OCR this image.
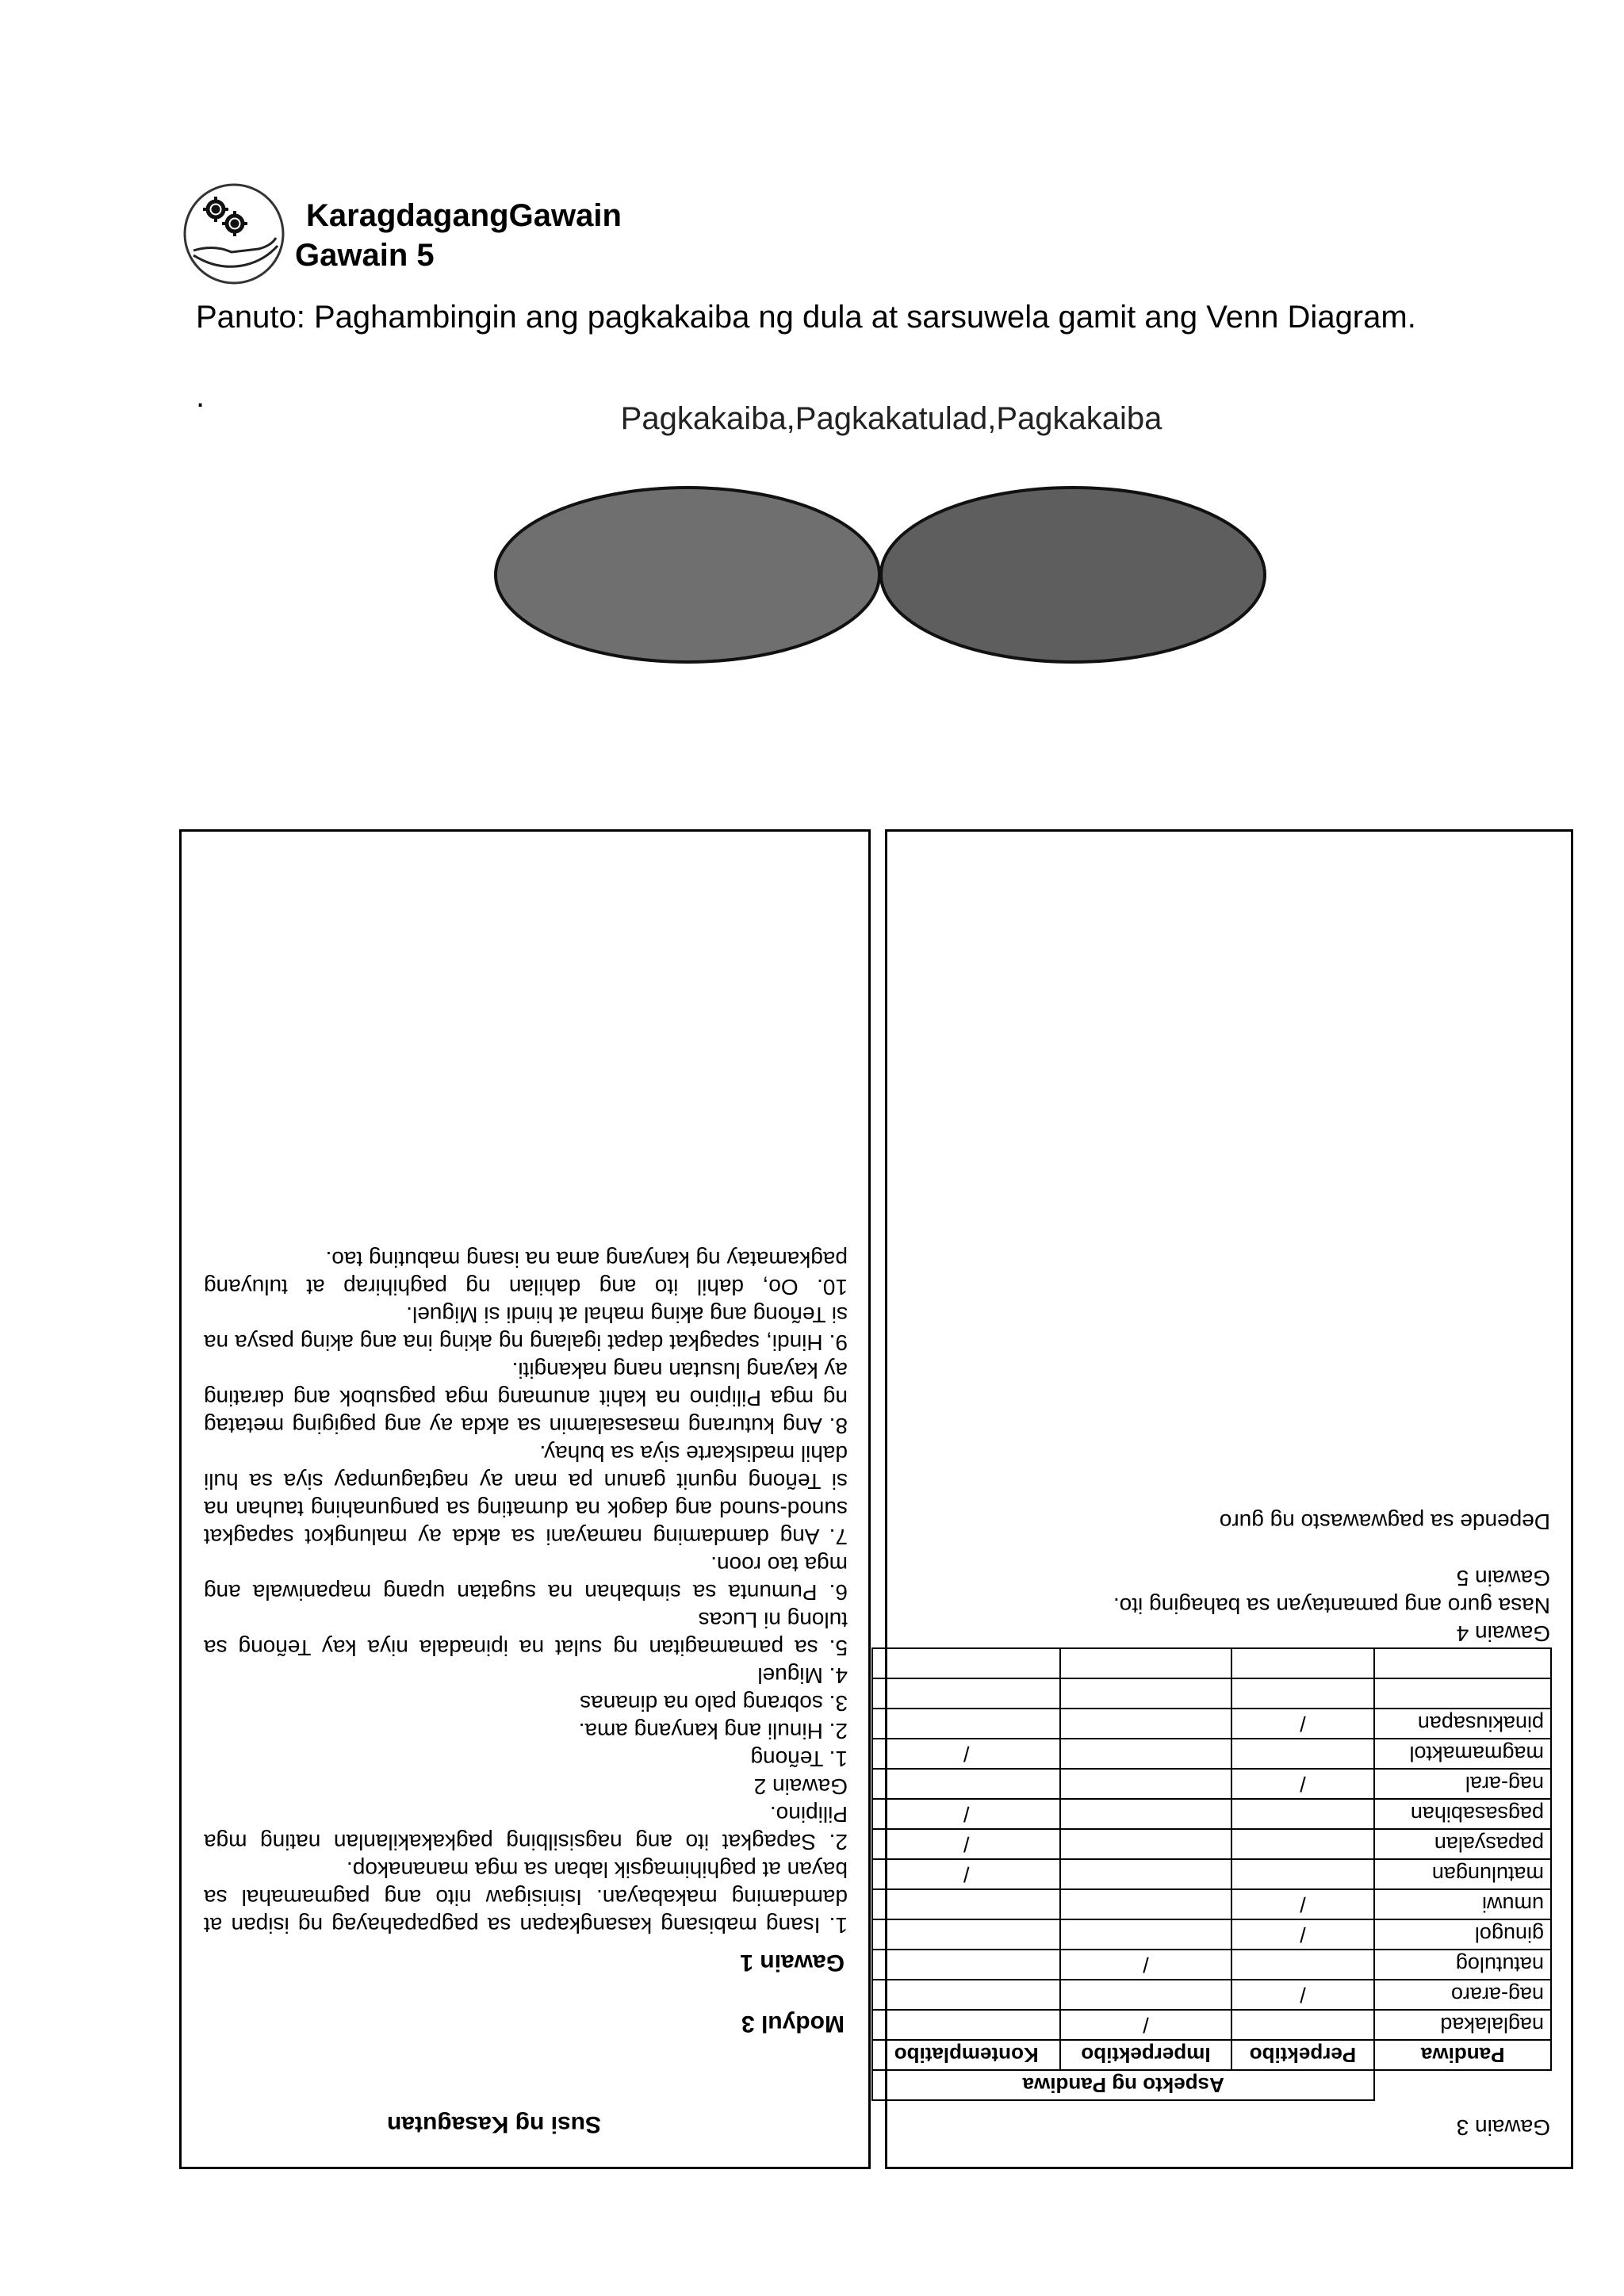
KaragdagangGawain
Gawain 5
Panuto: Paghambingin ang pagkakaiba ng dula at sarsuwela gamit ang Venn Diagram.
.
Pagkakaiba,Pagkakatulad,Pagkakaiba

Susi ng Kasagutan

Modyul 3

Gawain 1

1. Isang mabisang kasangkapan sa pagpapahayag ng isipan at damdaming makabayan. Isinisigaw nito ang pagmamahal sa bayan at paghihimagsik laban sa mga mananakop.

2. Sapagkat ito ang nagsisilbing pagkakakilanlan nating mga Pilipino.

Gawain 2

1. Teñong

2. Hinuli ang kanyang ama.

3. sobrang palo na dinanas

4. Miguel

5. sa pamamagitan ng sulat na ipinadala niya kay Teñong sa tulong ni Lucas

6. Pumunta sa simbahan na sugatan upang mapaniwala ang mga tao roon.

7. Ang damdaming namayani sa akda ay malungkot sapagkat sunod-sunod ang dagok na dumating sa pangunahing tauhan na si Teñong ngunit ganun pa man ay nagtagumpay siya sa huli dahil madiskarte siya sa buhay.

8. Ang kuturang masasalamin sa akda ay ang pagiging metatag ng mga Pilipino na kahit anumang mga pagsubok ang darating ay kayang lusutan nang nakangiti.

9. Hindi, sapagkat dapat igalang ng aking ina ang aking pasya na si Teñong ang aking mahal at hindi si Miguel.

10. Oo, dahil ito ang dahilan ng paghihirap at tuluyang pagkamatay ng kanyang ama na isang mabuting tao.

Gawain 3

	Aspekto ng Pandiwa		
Pandiwa	Perpektibo	Imperpektibo	Kontemplatibo
naglalakad		/	
nag-araro	/		
natutulog		/	
ginugol	/		
umuwi	/		
matulungan			/
papasyalan			/
pagsasabihan			/
nag-aral	/		
magmamaktol			/
pinakiusapan	/		

Gawain 4

Nasa guro ang pamantayan sa bahaging ito.

Gawain 5

Depende sa pagwawasto ng guro
